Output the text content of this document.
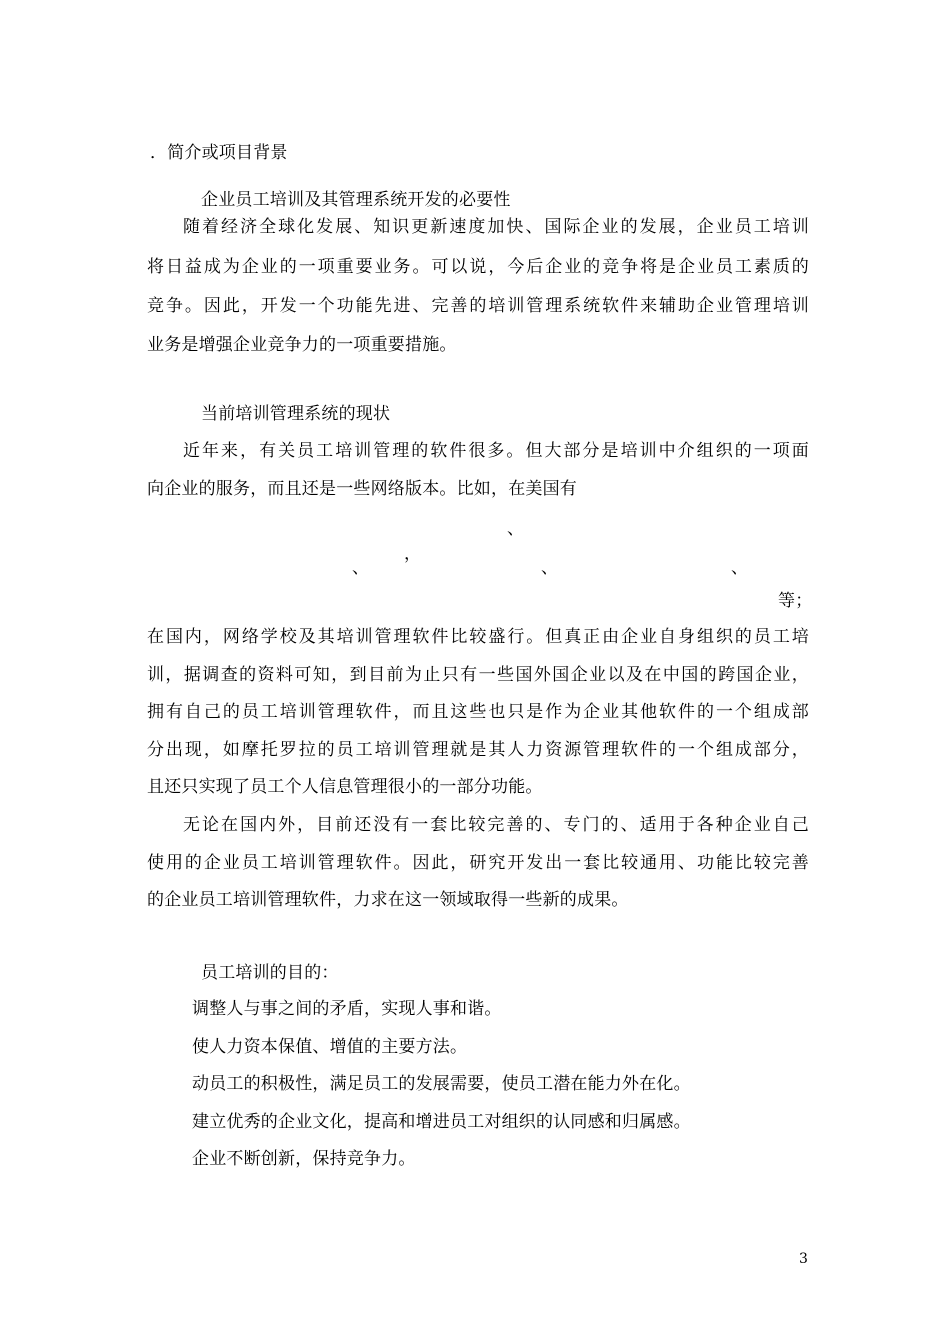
．简介或项目背景
企业员工培训及其管理系统开发的必要性
随着经济全球化发展、知识更新速度加快、国际企业的发展，企业员工培训
将日益成为企业的一项重要业务。可以说，今后企业的竞争将是企业员工素质的
竞争。因此，开发一个功能先进、完善的培训管理系统软件来辅助企业管理培训
业务是增强企业竞争力的一项重要措施。
当前培训管理系统的现状
近年来，有关员工培训管理的软件很多。但大部分是培训中介组织的一项面
向企业的服务，而且还是一些网络版本。比如，在美国有
、
，
、	、	、
等；
在国内，网络学校及其培训管理软件比较盛行。但真正由企业自身组织的员工培
训，据调查的资料可知，到目前为止只有一些国外国企业以及在中国的跨国企业，
拥有自己的员工培训管理软件，而且这些也只是作为企业其他软件的一个组成部
分出现，如摩托罗拉的员工培训管理就是其人力资源管理软件的一个组成部分，
且还只实现了员工个人信息管理很小的一部分功能。
无论在国内外，目前还没有一套比较完善的、专门的、适用于各种企业自己
使用的企业员工培训管理软件。因此，研究开发出一套比较通用、功能比较完善
的企业员工培训管理软件，力求在这一领域取得一些新的成果。
员工培训的目的：
调整人与事之间的矛盾，实现人事和谐。
使人力资本保值、增值的主要方法。
动员工的积极性，满足员工的发展需要，使员工潜在能力外在化。
建立优秀的企业文化，提高和增进员工对组织的认同感和归属感。
企业不断创新，保持竞争力。
3
